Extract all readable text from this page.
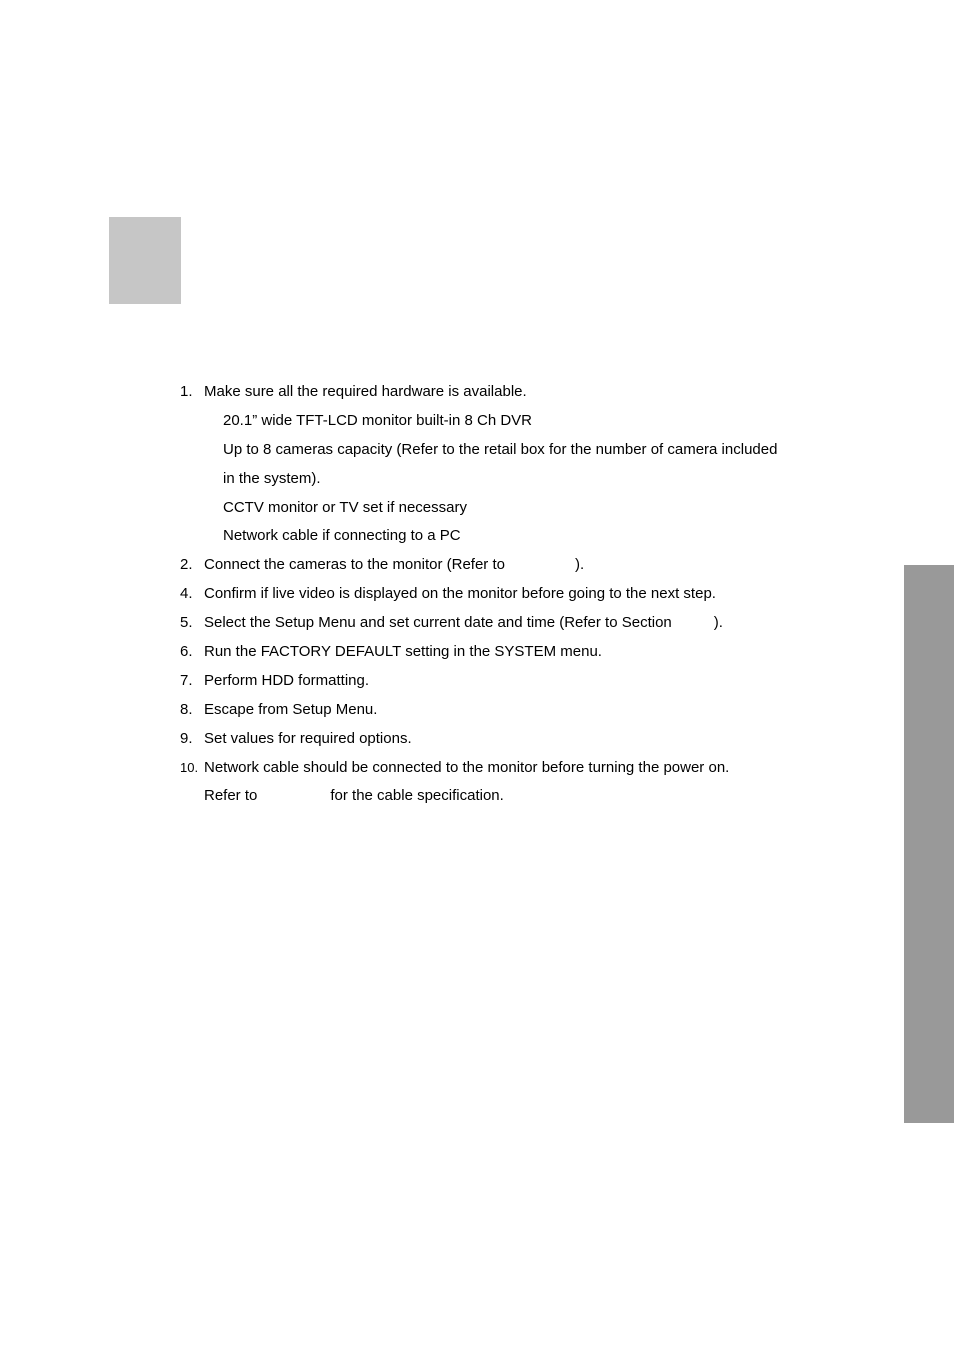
1. Make sure all the required hardware is available.
20.1” wide TFT-LCD monitor built-in 8 Ch DVR
Up to 8 cameras capacity (Refer to the retail box for the number of camera included
in the system).
CCTV monitor or TV set if necessary
Network cable if connecting to a PC
2. Connect the cameras to the monitor (Refer to	).
4. Confirm if live video is displayed on the monitor before going to the next step.
5. Select the Setup Menu and set current date and time (Refer to Section	).
6. Run the FACTORY DEFAULT setting in the SYSTEM menu.
7. Perform HDD formatting.
8. Escape from Setup Menu.
9. Set values for required options.
10. Network cable should be connected to the monitor before turning the power on.
Refer to	for the cable specification.
